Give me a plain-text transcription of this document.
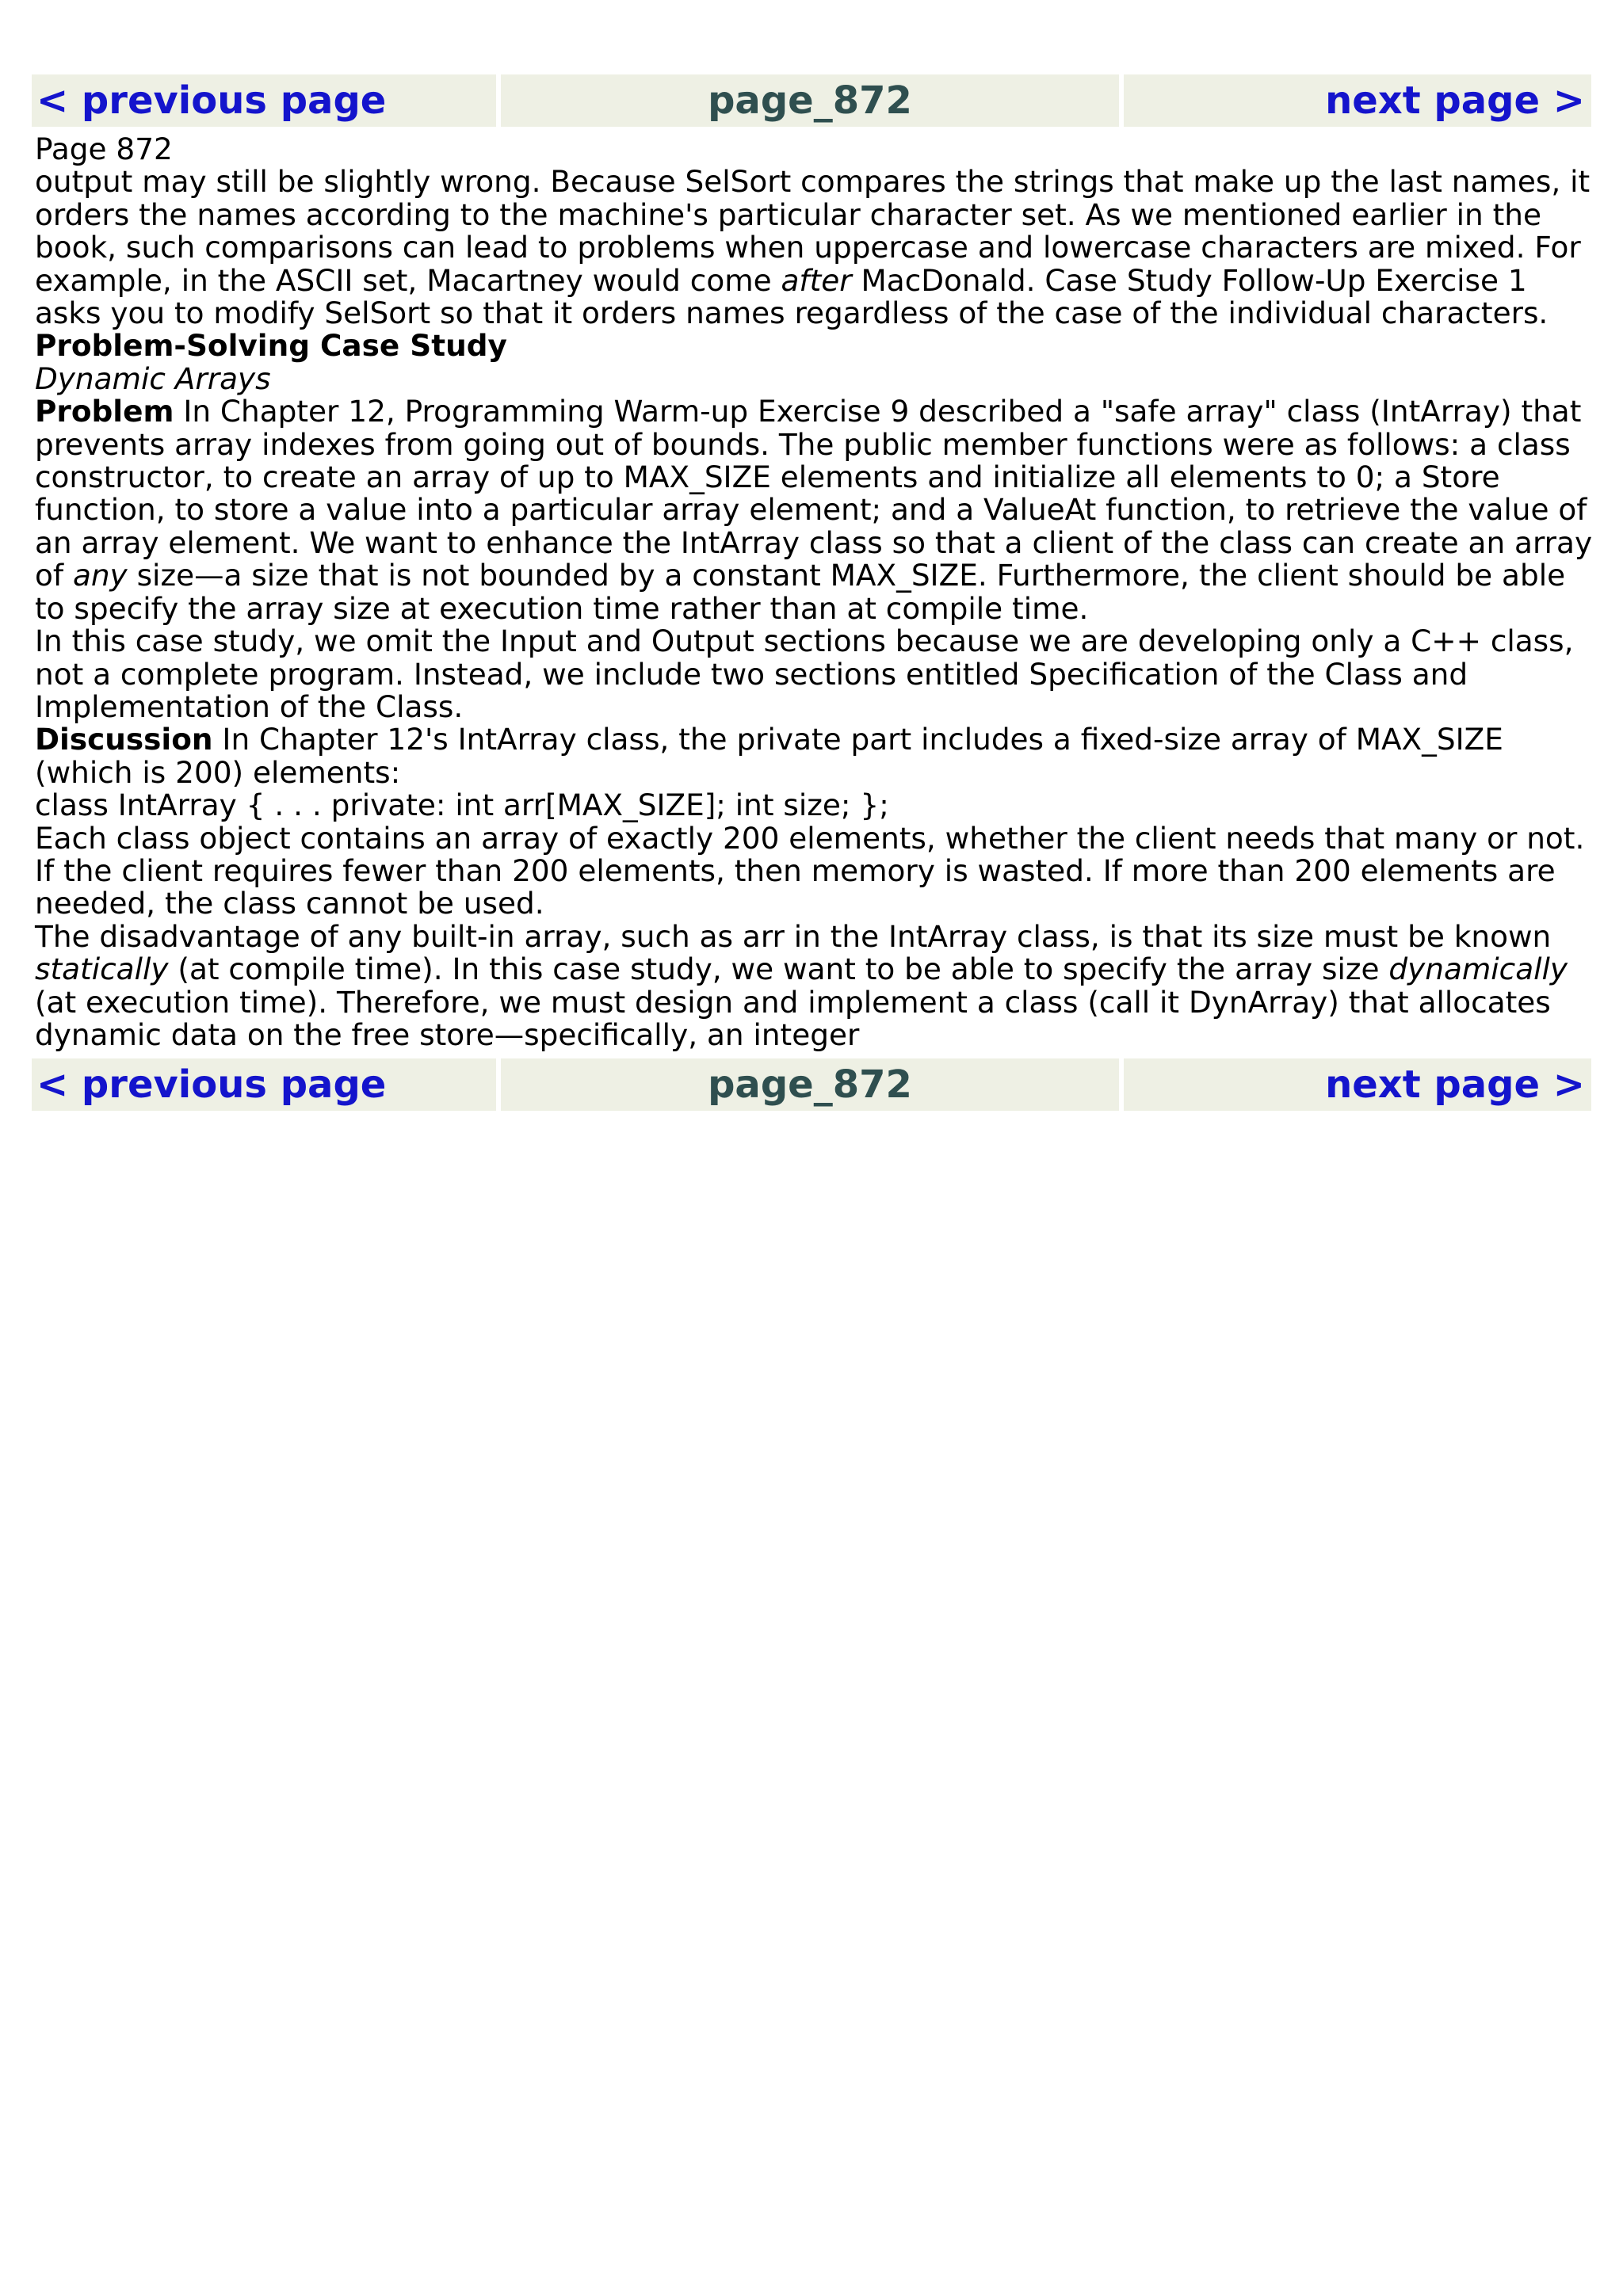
< previous page	page_872	next page >

Page 872

output may still be slightly wrong. Because SelSort compares the strings that make up the last names, it orders the names according to the machine's particular character set. As we mentioned earlier in the book, such comparisons can lead to problems when uppercase and lowercase characters are mixed. For example, in the ASCII set, Macartney would come after MacDonald. Case Study Follow-Up Exercise 1 asks you to modify SelSort so that it orders names regardless of the case of the individual characters.

Problem-Solving Case Study

Dynamic Arrays

Problem In Chapter 12, Programming Warm-up Exercise 9 described a "safe array" class (IntArray) that prevents array indexes from going out of bounds. The public member functions were as follows: a class constructor, to create an array of up to MAX_SIZE elements and initialize all elements to 0; a Store function, to store a value into a particular array element; and a ValueAt function, to retrieve the value of an array element. We want to enhance the IntArray class so that a client of the class can create an array of any size—a size that is not bounded by a constant MAX_SIZE. Furthermore, the client should be able to specify the array size at execution time rather than at compile time.

In this case study, we omit the Input and Output sections because we are developing only a C++ class, not a complete program. Instead, we include two sections entitled Specification of the Class and Implementation of the Class.

Discussion In Chapter 12's IntArray class, the private part includes a fixed-size array of MAX_SIZE (which is 200) elements:

class IntArray { . . . private: int arr[MAX_SIZE]; int size; };

Each class object contains an array of exactly 200 elements, whether the client needs that many or not. If the client requires fewer than 200 elements, then memory is wasted. If more than 200 elements are needed, the class cannot be used.

The disadvantage of any built-in array, such as arr in the IntArray class, is that its size must be known statically (at compile time). In this case study, we want to be able to specify the array size dynamically (at execution time). Therefore, we must design and implement a class (call it DynArray) that allocates dynamic data on the free store—specifically, an integer

< previous page	page_872	next page >
